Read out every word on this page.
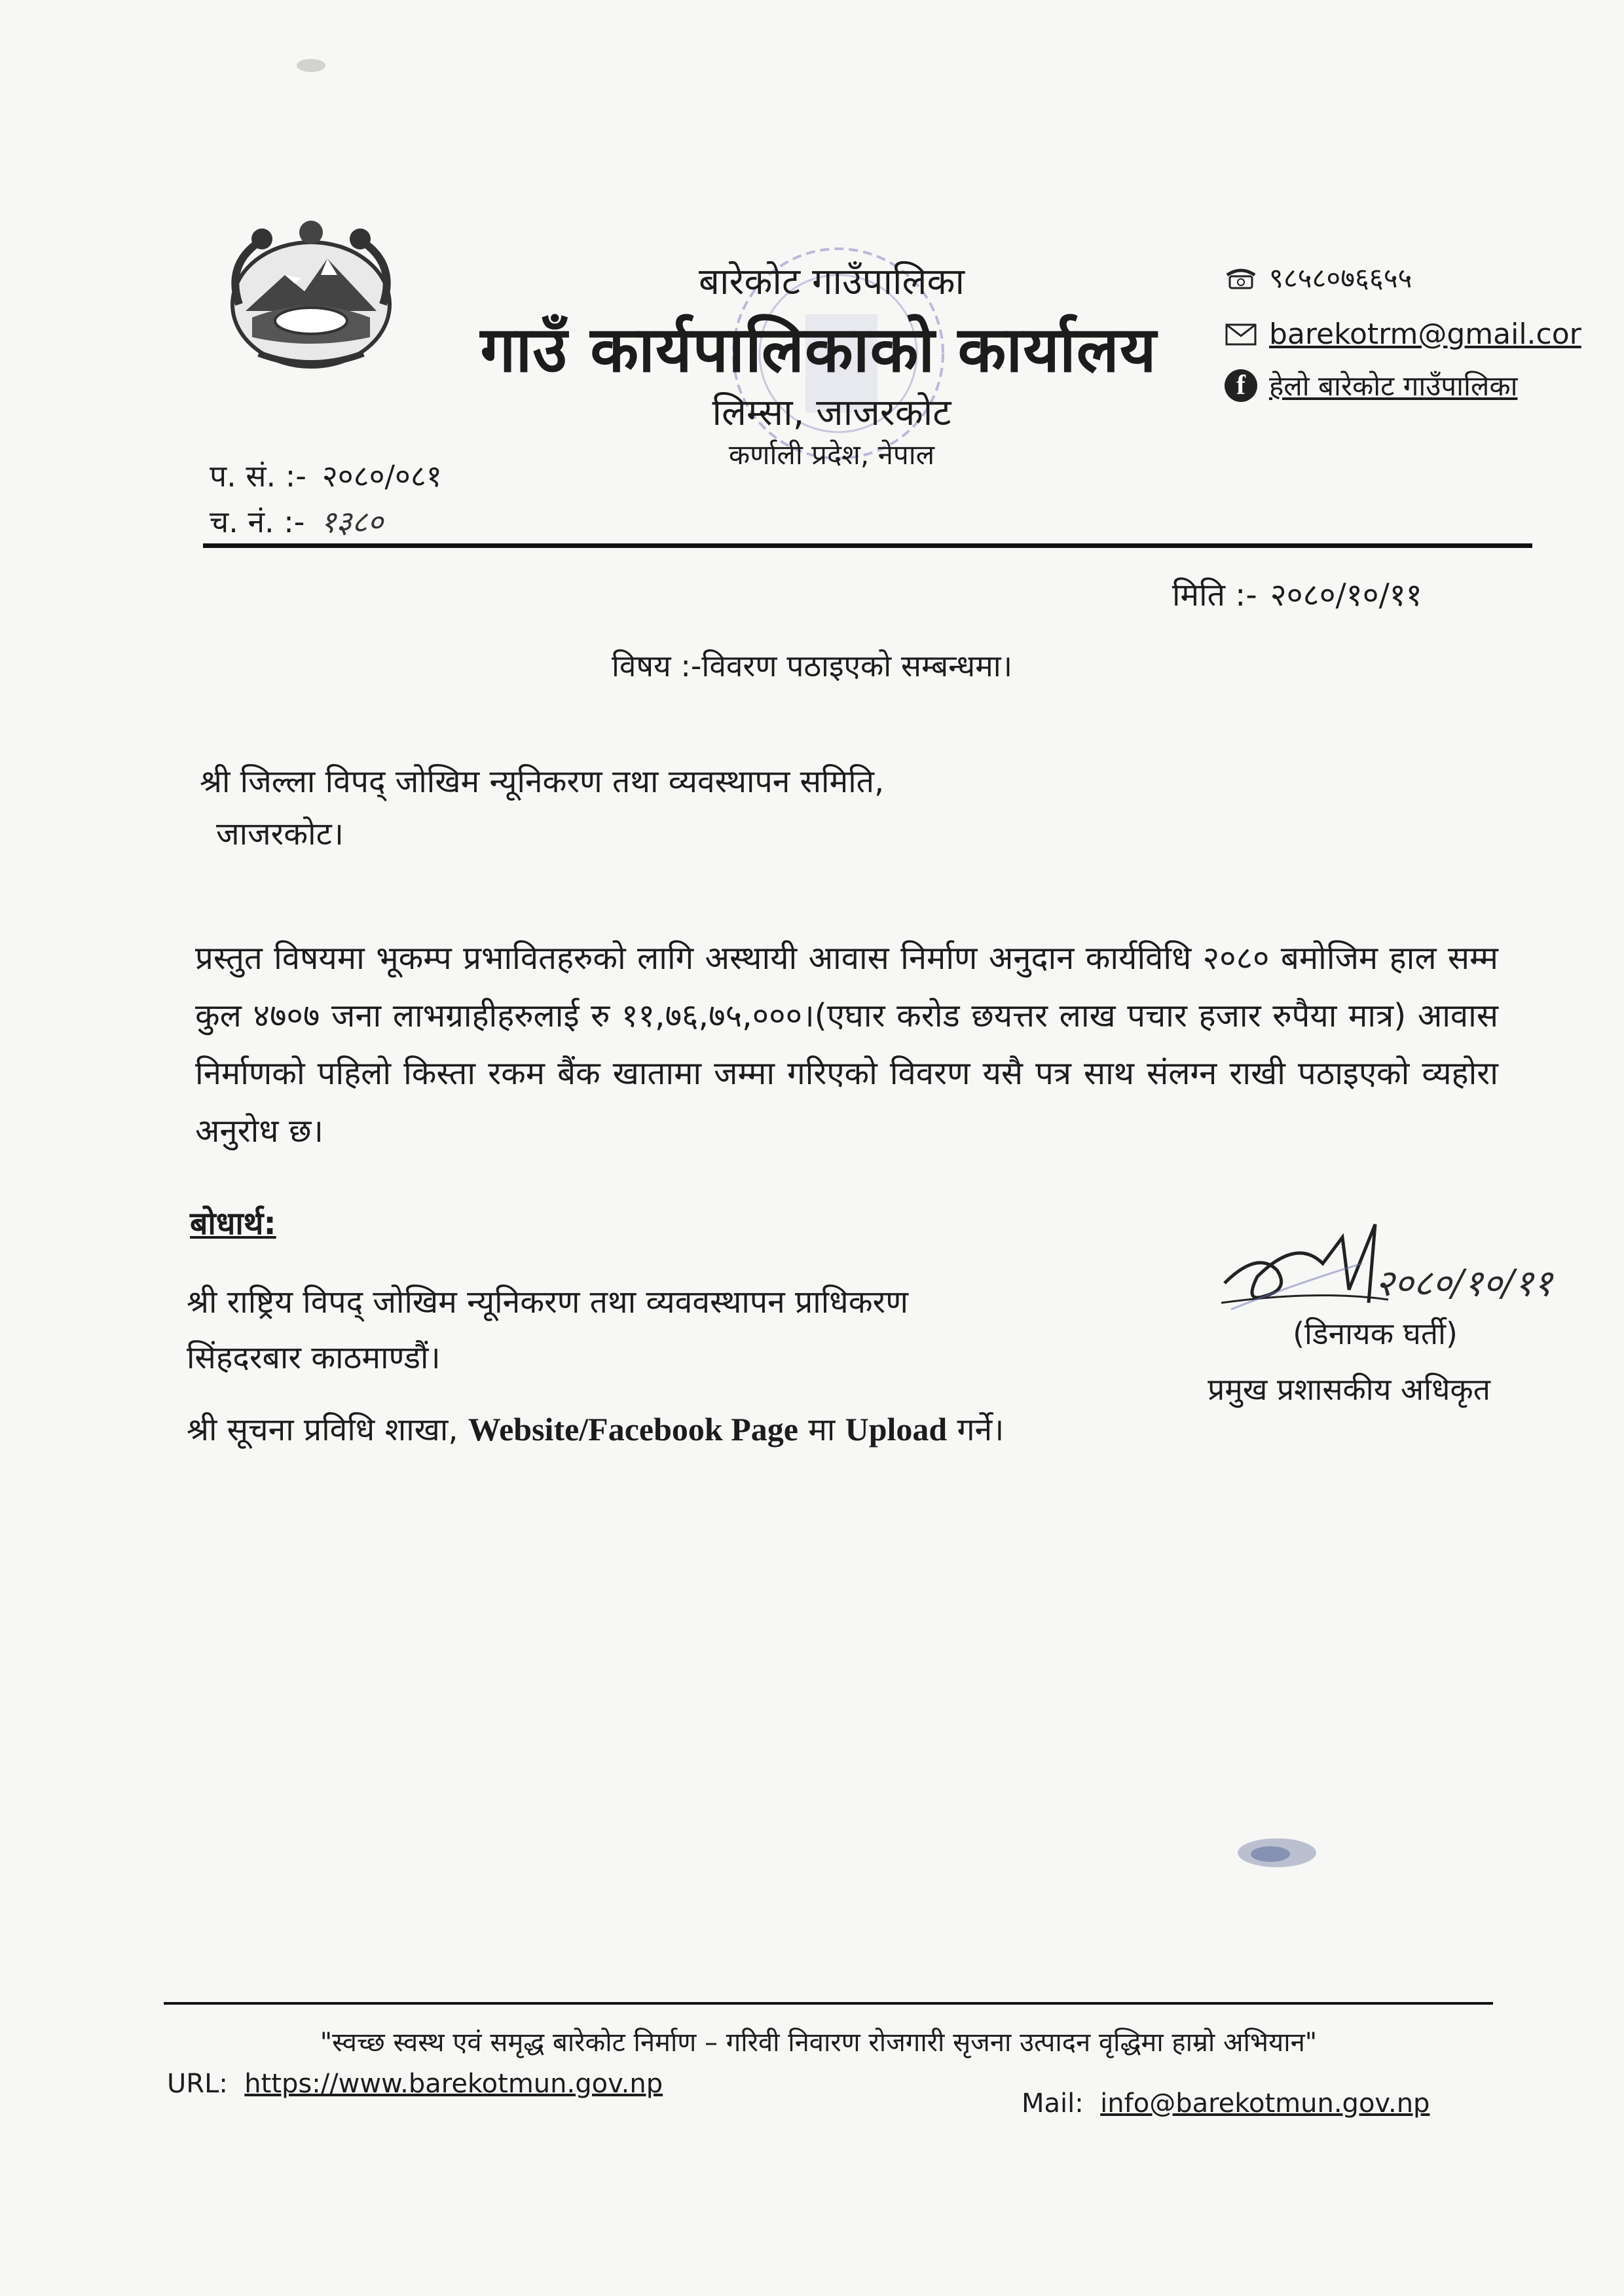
बारेकोट गाउँपालिका
गाउँ कार्यपालिकाको कार्यालय
लिम्सा, जाजरकोट
कर्णाली प्रदेश, नेपाल
९८५८०७६६५५
barekotrm@gmail.cor
f हेलो बारेकोट गाउँपालिका
प. सं. :- २०८०/०८१
च. नं. :- १३८०
मिति :- २०८०/१०/११
विषय :-विवरण पठाइएको सम्बन्धमा।
श्री जिल्ला विपद् जोखिम न्यूनिकरण तथा व्यवस्थापन समिति,
जाजरकोट।
प्रस्तुत विषयमा भूकम्प प्रभावितहरुको लागि अस्थायी आवास निर्माण अनुदान कार्यविधि २०८० बमोजिम हाल सम्म कुल ४७०७ जना लाभग्राहीहरुलाई रु ११,७६,७५,०००।(एघार करोड छयत्तर लाख पचार हजार रुपैया मात्र) आवास निर्माणको पहिलो किस्ता रकम बैंक खातामा जम्मा गरिएको विवरण यसै पत्र साथ संलग्न राखी पठाइएको व्यहोरा अनुरोध छ।
बोधार्थ:
श्री राष्ट्रिय विपद् जोखिम न्यूनिकरण तथा व्यववस्थापन प्राधिकरण
सिंहदरबार काठमाण्डौं।
श्री सूचना प्रविधि शाखा, Website/Facebook Page मा Upload गर्ने।
२०८०/१०/११
(डिनायक घर्ती)
प्रमुख प्रशासकीय अधिकृत
"स्वच्छ स्वस्थ एवं समृद्ध बारेकोट निर्माण – गरिवी निवारण रोजगारी सृजना उत्पादन वृद्धिमा हाम्रो अभियान"
URL: https://www.barekotmun.gov.np
Mail: info@barekotmun.gov.np
